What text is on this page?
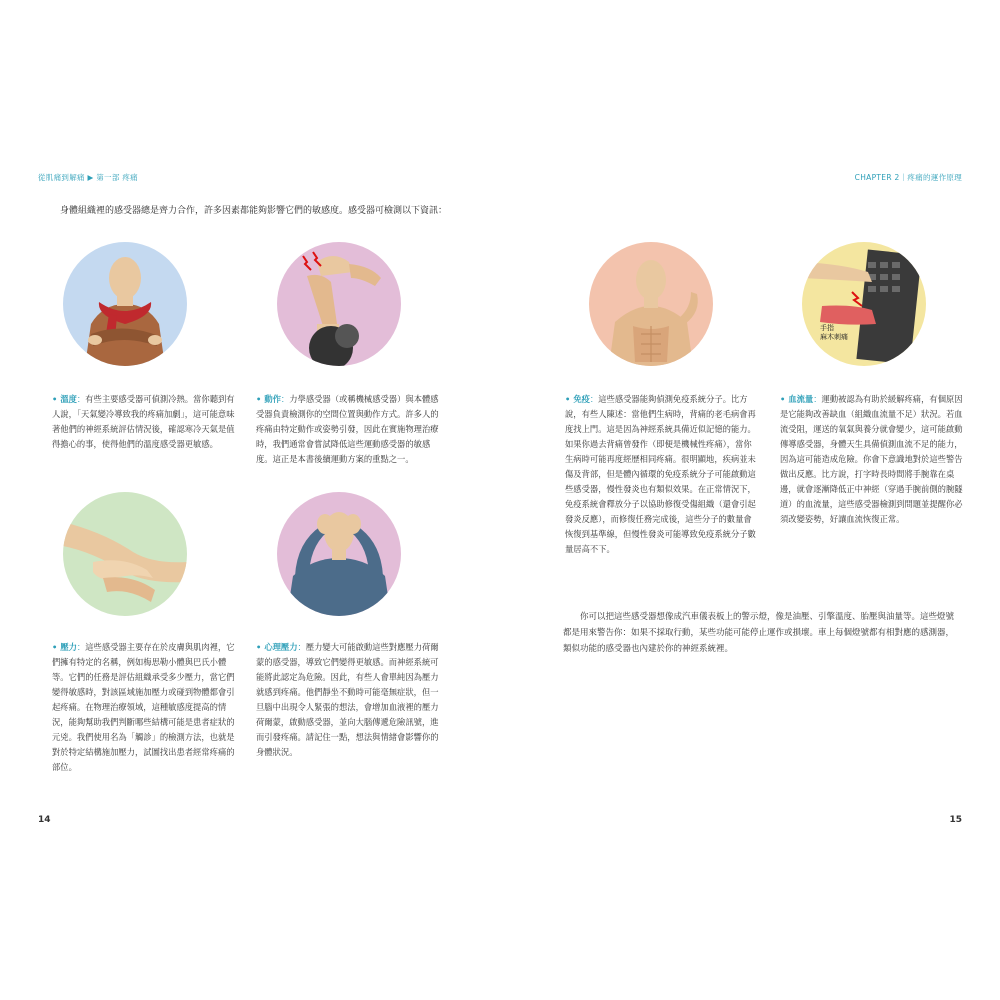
從肌痛到解痛 ▶ 第一部 疼痛
身體組織裡的感受器總是齊力合作，許多因素都能夠影響它們的敏感度。感受器可檢測以下資訊：
• 溫度：有些主要感受器可偵測冷熱。當你聽到有人說，「天氣變冷導致我的疼痛加劇」，這可能意味著他們的神經系統評估情況後，確認寒冷天氣是值得擔心的事，使得他們的溫度感受器更敏感。
• 動作：力學感受器（或稱機械感受器）與本體感受器負責檢測你的空間位置與動作方式。許多人的疼痛由特定動作或姿勢引發，因此在實施物理治療時，我們通常會嘗試降低這些運動感受器的敏感度。這正是本書後續運動方案的重點之一。
• 壓力：這些感受器主要存在於皮膚與肌肉裡，它們擁有特定的名稱，例如梅思勒小體與巴氏小體等。它們的任務是評估組織承受多少壓力，當它們變得敏感時，對該區域施加壓力或碰到物體都會引起疼痛。在物理治療領域，這種敏感度提高的情況，能夠幫助我們判斷哪些結構可能是患者症狀的元兇。我們使用名為「觸診」的檢測方法，也就是對於特定結構施加壓力，試圖找出患者經常疼痛的部位。
• 心理壓力：壓力變大可能啟動這些對應壓力荷爾蒙的感受器，導致它們變得更敏感。而神經系統可能將此認定為危險。因此，有些人會單純因為壓力就感到疼痛。他們靜坐不動時可能毫無症狀，但一旦腦中出現令人緊張的想法，會增加血液裡的壓力荷爾蒙，啟動感受器，並向大腦傳遞危險訊號，進而引發疼痛。請記住一點，想法與情緒會影響你的身體狀況。
14
CHAPTER 2｜疼痛的運作原理
• 免疫：這些感受器能夠偵測免疫系統分子。比方說，有些人陳述：當他們生病時，背痛的老毛病會再度找上門。這是因為神經系統具備近似記憶的能力。如果你過去背痛曾發作（即便是機械性疼痛），當你生病時可能再度經歷相同疼痛。很明顯地，疾病並未傷及背部，但是體內循環的免疫系統分子可能啟動這些感受器，慢性發炎也有類似效果。在正常情況下，免疫系統會釋放分子以協助修復受傷組織（還會引起發炎反應），而修復任務完成後，這些分子的數量會恢復到基準線，但慢性發炎可能導致免疫系統分子數量居高不下。
手指
麻木刺痛
• 血流量：運動被認為有助於緩解疼痛，有個原因是它能夠改善缺血（組織血流量不足）狀況。若血流受阻，運送的氧氣與養分就會變少，這可能啟動傳導感受器，身體天生具備偵測血流不足的能力，因為這可能造成危險。你會下意識地對於這些警告做出反應。比方說，打字時長時間將手腕靠在桌邊，就會逐漸降低正中神經（穿過手腕前側的腕隧道）的血流量，這些感受器檢測到問題並提醒你必須改變姿勢，好讓血流恢復正常。
15
你可以把這些感受器想像成汽車儀表板上的警示燈，像是油壓、引擎溫度、胎壓與油量等。這些燈號都是用來警告你：如果不採取行動，某些功能可能停止運作或損壞。車上每個燈號都有相對應的感測器，類似功能的感受器也內建於你的神經系統裡。
